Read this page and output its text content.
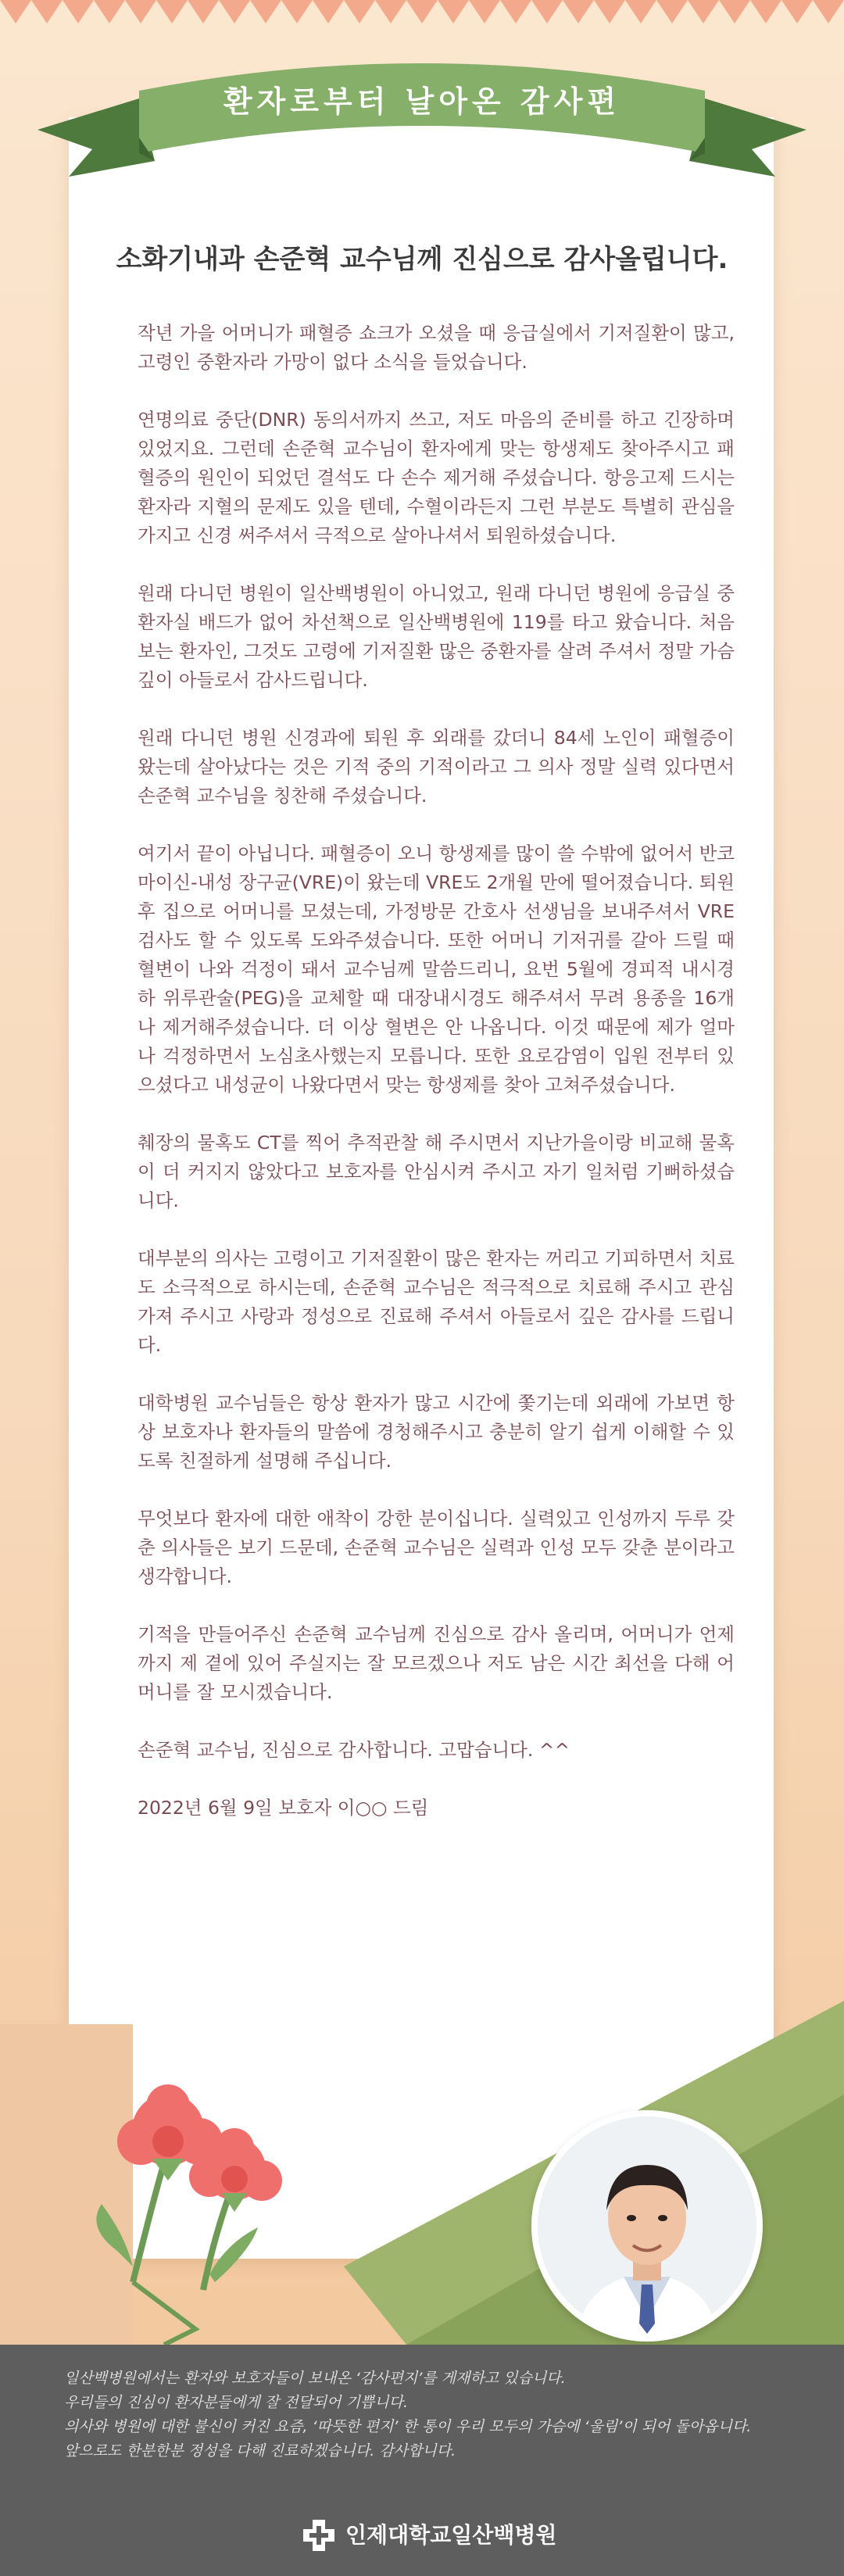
환자로부터 날아온 감사편지
소화기내과 손준혁 교수님께 진심으로 감사올립니다.

작년 가을 어머니가 패혈증 쇼크가 오셨을 때 응급실에서 기저질환이 많고, 고령인 중환자라 가망이 없다 소식을 들었습니다.

연명의료 중단(DNR) 동의서까지 쓰고, 저도 마음의 준비를 하고 긴장하며 있었지요. 그런데 손준혁 교수님이 환자에게 맞는 항생제도 찾아주시고 패혈증의 원인이 되었던 결석도 다 손수 제거해 주셨습니다. 항응고제 드시는 환자라 지혈의 문제도 있을 텐데, 수혈이라든지 그런 부분도 특별히 관심을 가지고 신경 써주셔서 극적으로 살아나셔서 퇴원하셨습니다.

원래 다니던 병원이 일산백병원이 아니었고, 원래 다니던 병원에 응급실 중환자실 배드가 없어 차선책으로 일산백병원에 119를 타고 왔습니다. 처음 보는 환자인, 그것도 고령에 기저질환 많은 중환자를 살려 주셔서 정말 가슴 깊이 아들로서 감사드립니다.

원래 다니던 병원 신경과에 퇴원 후 외래를 갔더니 84세 노인이 패혈증이 왔는데 살아났다는 것은 기적 중의 기적이라고 그 의사 정말 실력 있다면서 손준혁 교수님을 칭찬해 주셨습니다.

여기서 끝이 아닙니다. 패혈증이 오니 항생제를 많이 쓸 수밖에 없어서 반코마이신-내성 장구균(VRE)이 왔는데 VRE도 2개월 만에 떨어졌습니다. 퇴원 후 집으로 어머니를 모셨는데, 가정방문 간호사 선생님을 보내주셔서 VRE 검사도 할 수 있도록 도와주셨습니다. 또한 어머니 기저귀를 갈아 드릴 때 혈변이 나와 걱정이 돼서 교수님께 말씀드리니, 요번 5월에 경피적 내시경하 위루관술(PEG)을 교체할 때 대장내시경도 해주셔서 무려 용종을 16개나 제거해주셨습니다. 더 이상 혈변은 안 나옵니다. 이것 때문에 제가 얼마나 걱정하면서 노심초사했는지 모릅니다. 또한 요로감염이 입원 전부터 있으셨다고 내성균이 나왔다면서 맞는 항생제를 찾아 고쳐주셨습니다.

췌장의 물혹도 CT를 찍어 추적관찰 해 주시면서 지난가을이랑 비교해 물혹이 더 커지지 않았다고 보호자를 안심시켜 주시고 자기 일처럼 기뻐하셨습니다.

대부분의 의사는 고령이고 기저질환이 많은 환자는 꺼리고 기피하면서 치료도 소극적으로 하시는데, 손준혁 교수님은 적극적으로 치료해 주시고 관심 가져 주시고 사랑과 정성으로 진료해 주셔서 아들로서 깊은 감사를 드립니다.

대학병원 교수님들은 항상 환자가 많고 시간에 쫓기는데 외래에 가보면 항상 보호자나 환자들의 말씀에 경청해주시고 충분히 알기 쉽게 이해할 수 있도록 친절하게 설명해 주십니다.

무엇보다 환자에 대한 애착이 강한 분이십니다. 실력있고 인성까지 두루 갖춘 의사들은 보기 드문데, 손준혁 교수님은 실력과 인성 모두 갖춘 분이라고 생각합니다.

기적을 만들어주신 손준혁 교수님께 진심으로 감사 올리며, 어머니가 언제까지 제 곁에 있어 주실지는 잘 모르겠으나 저도 남은 시간 최선을 다해 어머니를 잘 모시겠습니다.

손준혁 교수님, 진심으로 감사합니다. 고맙습니다. ^^

2022년 6월 9일 보호자 이○○ 드림

일산백병원에서는 환자와 보호자들이 보내온 ‘감사편지’를 게재하고 있습니다.
우리들의 진심이 환자분들에게 잘 전달되어 기쁩니다.
의사와 병원에 대한 불신이 커진 요즘, ‘따뜻한 편지’ 한 통이 우리 모두의 가슴에 ‘울림’이 되어 돌아옵니다.
앞으로도 한분한분 정성을 다해 진료하겠습니다. 감사합니다.
인제대학교일산백병원
